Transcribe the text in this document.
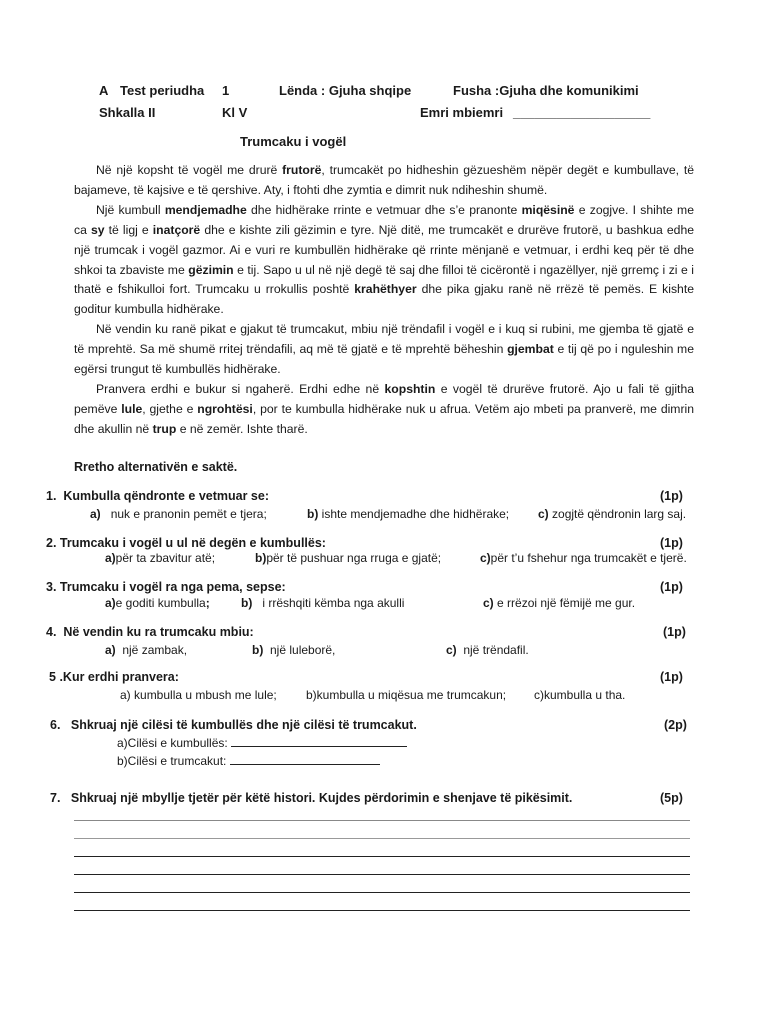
A Test periudha 1	Lënda : Gjuha shqipe	Fusha :Gjuha dhe komunikimi
Shkalla II	Kl V	Emri mbiemri ___________________
Trumcaku i vogël

Në një kopsht të vogël me drurë frutorë, trumcakët po hidheshin gëzueshëm nëpër degët e kumbullave, të bajameve, të kajsive e të qershive. Aty, i ftohti dhe zymtia e dimrit nuk ndiheshin shumë.

Një kumbull mendjemadhe dhe hidhërake rrinte e vetmuar dhe s’e pranonte miqësinë e zogjve. I shihte me ca sy të ligj e inatçorë dhe e kishte zili gëzimin e tyre. Një ditë, me trumcakët e drurëve frutorë, u bashkua edhe një trumcak i vogël gazmor. Ai e vuri re kumbullën hidhërake që rrinte mënjanë e vetmuar, i erdhi keq për të dhe shkoi ta zbaviste me gëzimin e tij. Sapo u ul në një degë të saj dhe filloi të cicërontë i ngazëllyer, një grremç i zi e i thatë e fshikulloi fort. Trumcaku u rrokullis poshtë krahëthyer dhe pika gjaku ranë në rrëzë të pemës. E kishte goditur kumbulla hidhërake.

Në vendin ku ranë pikat e gjakut të trumcakut, mbiu një trëndafil i vogël e i kuq si rubini, me gjemba të gjatë e të mprehtë. Sa më shumë rritej trëndafili, aq më të gjatë e të mprehtë bëheshin gjembat e tij që po i nguleshin me egërsi trungut të kumbullës hidhërake.

Pranvera erdhi e bukur si ngaherë. Erdhi edhe në kopshtin e vogël të drurëve frutorë. Ajo u fali të gjitha pemëve lule, gjethe e ngrohtësi, por te kumbulla hidhërake nuk u afrua. Vetëm ajo mbeti pa pranverë, me dimrin dhe akullin në trup e në zemër. Ishte tharë.

Rretho alternativën e saktë.
1. Kumbulla qëndronte e vetmuar se:	(1p)
a) nuk e pranonin pemët e tjera;	b) ishte mendjemadhe dhe hidhërake; c) zogjtë qëndronin larg saj.
2. Trumcaku i vogël u ul në degën e kumbullës:	(1p)
a)për ta zbavitur atë;	b)për të pushuar nga rruga e gjatë;	c)për t’u fshehur nga trumcakët e tjerë.
3. Trumcaku i vogël ra nga pema, sepse:	(1p)
a)e goditi kumbulla;	b) i rrëshqiti këmba nga akulli	c) e rrëzoi një fëmijë me gur.
4. Në vendin ku ra trumcaku mbiu:	(1p)
a) një zambak,	b) një luleborë,	c) një trëndafil.
5 .Kur erdhi pranvera:	(1p)
a) kumbulla u mbush me lule; b)kumbulla u miqësua me trumcakun; c)kumbulla u tha.
6. Shkruaj një cilësi të kumbullës dhe një cilësi të trumcakut.	(2p)
a)Cilësi e kumbullës:
b)Cilësi e trumcakut:
7. Shkruaj një mbyllje tjetër për këtë histori. Kujdes përdorimin e shenjave të pikësimit.	(5p)
